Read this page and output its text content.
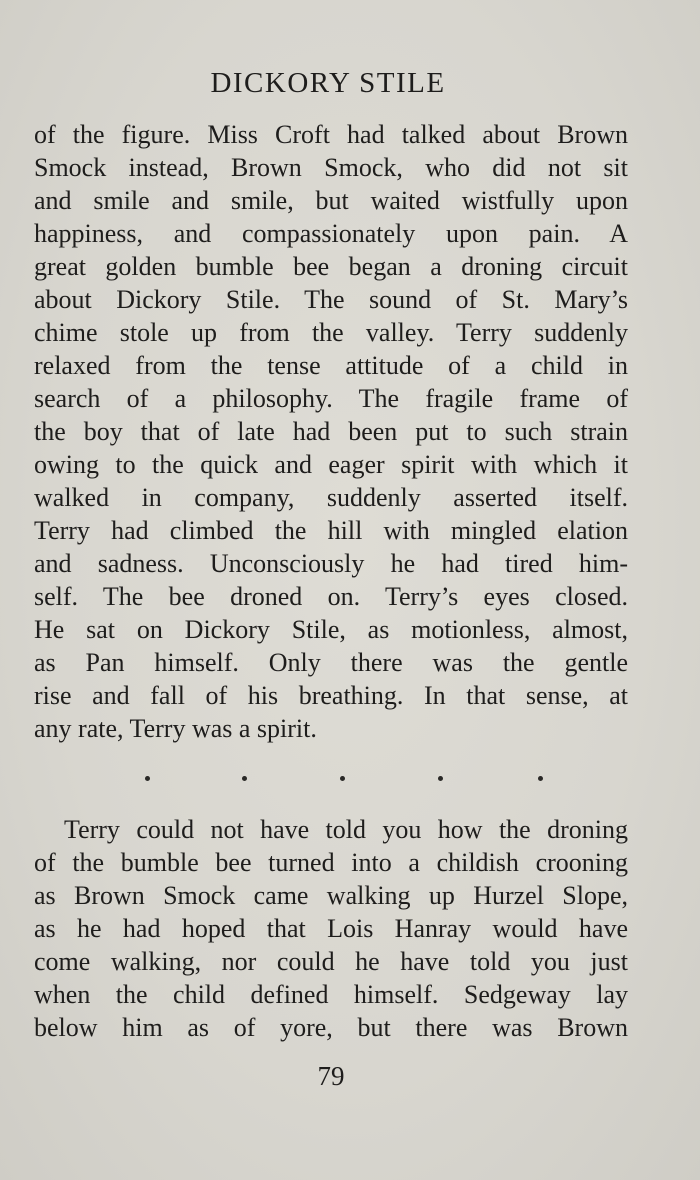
DICKORY STILE
of the figure. Miss Croft had talked about Brown
Smock instead, Brown Smock, who did not sit
and smile and smile, but waited wistfully upon
happiness, and compassionately upon pain. A
great golden bumble bee began a droning circuit
about Dickory Stile. The sound of St. Mary’s
chime stole up from the valley. Terry suddenly
relaxed from the tense attitude of a child in
search of a philosophy. The fragile frame of
the boy that of late had been put to such strain
owing to the quick and eager spirit with which it
walked in company, suddenly asserted itself.
Terry had climbed the hill with mingled elation
and sadness. Unconsciously he had tired him-
self. The bee droned on. Terry’s eyes closed.
He sat on Dickory Stile, as motionless, almost,
as Pan himself. Only there was the gentle
rise and fall of his breathing. In that sense, at
any rate, Terry was a spirit.
Terry could not have told you how the droning
of the bumble bee turned into a childish crooning
as Brown Smock came walking up Hurzel Slope,
as he had hoped that Lois Hanray would have
come walking, nor could he have told you just
when the child defined himself. Sedgeway lay
below him as of yore, but there was Brown
79
